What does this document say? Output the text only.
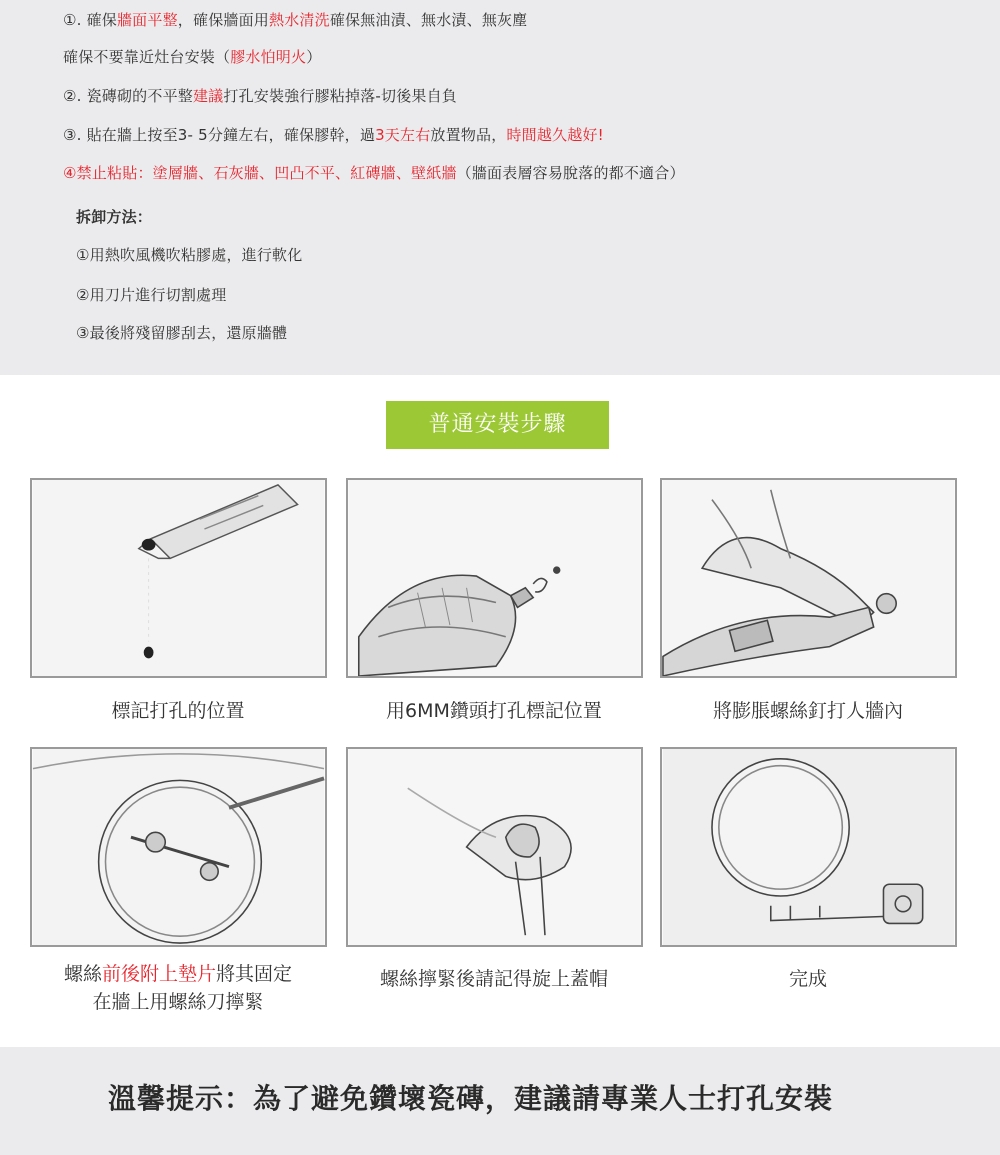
①. 確保牆面平整，確保牆面用熱水清洗確保無油漬、無水漬、無灰塵
確保不要靠近灶台安裝（膠水怕明火）
②. 瓷磚砌的不平整建議打孔安裝強行膠粘掉落-切後果自負
③. 貼在牆上按至3- 5分鐘左右，確保膠幹，過3天左右放置物品，時間越久越好!
④禁止粘貼：塗層牆、石灰牆、凹凸不平、紅磚牆、壁紙牆（牆面表層容易脫落的都不適合）
拆卸方法：
①用熱吹風機吹粘膠處，進行軟化
②用刀片進行切割處理
③最後將殘留膠刮去，還原牆體
普通安裝步驟
標記打孔的位置	用6MM鑽頭打孔標記位置	將膨脹螺絲釘打人牆內
螺絲前後附上墊片將其固定
在牆上用螺絲刀擰緊
螺絲擰緊後請記得旋上蓋帽	完成
溫馨提示：為了避免鑽壞瓷磚，建議請專業人士打孔安裝
